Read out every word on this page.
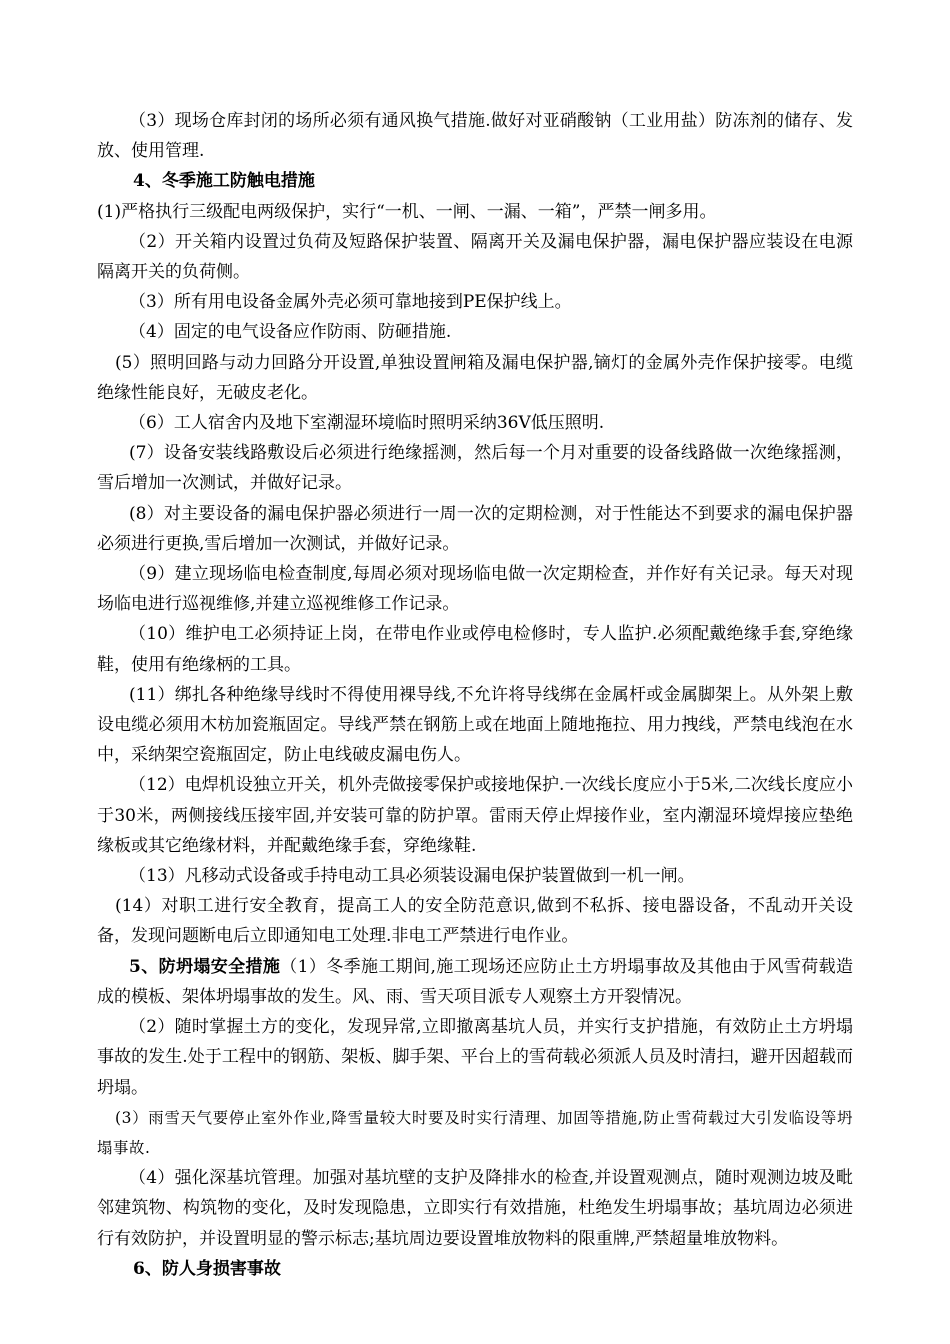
（3）现场仓库封闭的场所必须有通风换气措施.做好对亚硝酸钠（工业用盐）防冻剂的储存、发放、使用管理.

4、冬季施工防触电措施

(1)严格执行三级配电两级保护，实行“一机、一闸、一漏、一箱”，严禁一闸多用。

（2）开关箱内设置过负荷及短路保护装置、隔离开关及漏电保护器，漏电保护器应装设在电源隔离开关的负荷侧。

（3）所有用电设备金属外壳必须可靠地接到PE保护线上。

（4）固定的电气设备应作防雨、防砸措施.

(5）照明回路与动力回路分开设置,单独设置闸箱及漏电保护器,镝灯的金属外壳作保护接零。电缆绝缘性能良好，无破皮老化。

（6）工人宿舍内及地下室潮湿环境临时照明采纳36V低压照明.

(7）设备安装线路敷设后必须进行绝缘摇测，然后每一个月对重要的设备线路做一次绝缘摇测，雪后增加一次测试，并做好记录。

(8）对主要设备的漏电保护器必须进行一周一次的定期检测，对于性能达不到要求的漏电保护器必须进行更换,雪后增加一次测试，并做好记录。

（9）建立现场临电检查制度,每周必须对现场临电做一次定期检查，并作好有关记录。每天对现场临电进行巡视维修,并建立巡视维修工作记录。

（10）维护电工必须持证上岗，在带电作业或停电检修时，专人监护.必须配戴绝缘手套,穿绝缘鞋，使用有绝缘柄的工具。

(11）绑扎各种绝缘导线时不得使用裸导线,不允许将导线绑在金属杆或金属脚架上。从外架上敷设电缆必须用木枋加瓷瓶固定。导线严禁在钢筋上或在地面上随地拖拉、用力拽线，严禁电线泡在水中，采纳架空瓷瓶固定，防止电线破皮漏电伤人。

（12）电焊机设独立开关，机外壳做接零保护或接地保护.一次线长度应小于5米,二次线长度应小于30米，两侧接线压接牢固,并安装可靠的防护罩。雷雨天停止焊接作业，室内潮湿环境焊接应垫绝缘板或其它绝缘材料，并配戴绝缘手套，穿绝缘鞋.

（13）凡移动式设备或手持电动工具必须装设漏电保护装置做到一机一闸。

(14）对职工进行安全教育，提高工人的安全防范意识,做到不私拆、接电器设备，不乱动开关设备，发现问题断电后立即通知电工处理.非电工严禁进行电作业。

5、防坍塌安全措施（1）冬季施工期间,施工现场还应防止土方坍塌事故及其他由于风雪荷载造成的模板、架体坍塌事故的发生。风、雨、雪天项目派专人观察土方开裂情况。

（2）随时掌握土方的变化，发现异常,立即撤离基坑人员，并实行支护措施，有效防止土方坍塌事故的发生.处于工程中的钢筋、架板、脚手架、平台上的雪荷载必须派人员及时清扫，避开因超载而坍塌。

(3）雨雪天气要停止室外作业,降雪量较大时要及时实行清理、加固等措施,防止雪荷载过大引发临设等坍塌事故.

（4）强化深基坑管理。加强对基坑壁的支护及降排水的检查,并设置观测点，随时观测边坡及毗邻建筑物、构筑物的变化，及时发现隐患，立即实行有效措施，杜绝发生坍塌事故；基坑周边必须进行有效防护，并设置明显的警示标志;基坑周边要设置堆放物料的限重牌,严禁超量堆放物料。

6、防人身损害事故
